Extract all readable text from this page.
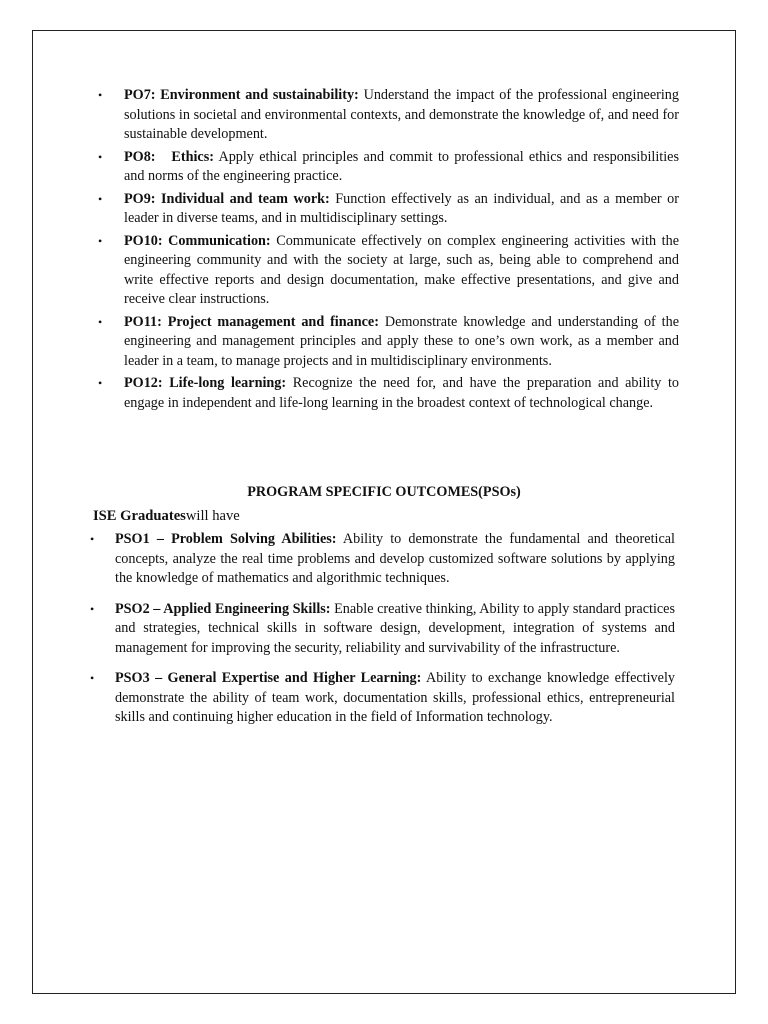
• PO7: Environment and sustainability: Understand the impact of the professional engineering solutions in societal and environmental contexts, and demonstrate the knowledge of, and need for sustainable development.
• PO8:   Ethics: Apply ethical principles and commit to professional ethics and responsibilities and norms of the engineering practice.
• PO9: Individual and team work: Function effectively as an individual, and as a member or leader in diverse teams, and in multidisciplinary settings.
• PO10: Communication: Communicate effectively on complex engineering activities with the engineering community and with the society at large, such as, being able to comprehend and write effective reports and design documentation, make effective presentations, and give and receive clear instructions.
• PO11: Project management and finance: Demonstrate knowledge and understanding of the engineering and management principles and apply these to one’s own work, as a member and leader in a team, to manage projects and in multidisciplinary environments.
• PO12: Life-long learning: Recognize the need for, and have the preparation and ability to engage in independent and life-long learning in the broadest context of technological change.
PROGRAM SPECIFIC OUTCOMES(PSOs)

ISE Graduateswill have

• PSO1 – Problem Solving Abilities: Ability to demonstrate the fundamental and theoretical concepts, analyze the real time problems and develop customized software solutions by applying the knowledge of mathematics and algorithmic techniques.
• PSO2 – Applied Engineering Skills: Enable creative thinking, Ability to apply standard practices and strategies, technical skills in software design, development, integration of systems and management for improving the security, reliability and survivability of the infrastructure.
• PSO3 – General Expertise and Higher Learning: Ability to exchange knowledge effectively demonstrate the ability of team work, documentation skills, professional ethics, entrepreneurial skills and continuing higher education in the field of Information technology.
